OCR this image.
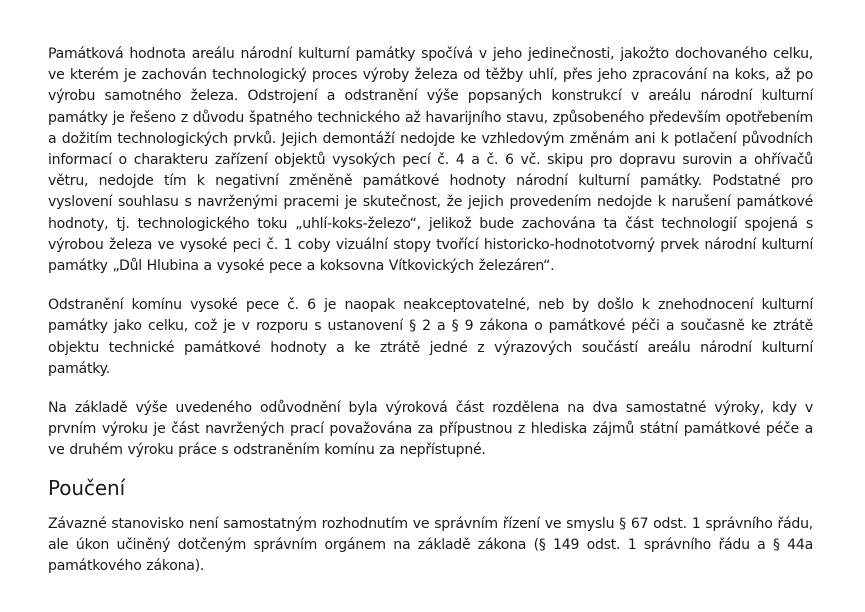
Památková hodnota areálu národní kulturní památky spočívá v jeho jedinečnosti, jakožto dochovaného celku, ve kterém je zachován technologický proces výroby železa od těžby uhlí, přes jeho zpracování na koks, až po výrobu samotného železa. Odstrojení a odstranění výše popsaných konstrukcí v areálu národní kulturní památky je řešeno z důvodu špatného technického až havarijního stavu, způsobeného především opotřebením a dožitím technologických prvků. Jejich demontáží nedojde ke vzhledovým změnám ani k potlačení původních informací o charakteru zařízení objektů vysokých pecí č. 4 a č. 6 vč. skipu pro dopravu surovin a ohřívačů větru, nedojde tím k negativní změněně památkové hodnoty národní kulturní památky. Podstatné pro vyslovení souhlasu s navrženými pracemi je skutečnost, že jejich provedením nedojde k narušení památkové hodnoty, tj. technologického toku „uhlí-koks-železo“, jelikož bude zachována ta část technologií spojená s výrobou železa ve vysoké peci č. 1 coby vizuální stopy tvořící historicko-hodnototvorný prvek národní kulturní památky „Důl Hlubina a vysoké pece a koksovna Vítkovických železáren“.

Odstranění komínu vysoké pece č. 6 je naopak neakceptovatelné, neb by došlo k znehodnocení kulturní památky jako celku, což je v rozporu s ustanovení § 2 a § 9 zákona o památkové péči a současně ke ztrátě objektu technické památkové hodnoty a ke ztrátě jedné z výrazových součástí areálu národní kulturní památky.

Na základě výše uvedeného odůvodnění byla výroková část rozdělena na dva samostatné výroky, kdy v prvním výroku je část navržených prací považována za přípustnou z hlediska zájmů státní památkové péče a ve druhém výroku práce s odstraněním komínu za nepřístupné.

Poučení

Závazné stanovisko není samostatným rozhodnutím ve správním řízení ve smyslu § 67 odst. 1 správního řádu, ale úkon učiněný dotčeným správním orgánem na základě zákona (§ 149 odst. 1 správního řádu a § 44a památkového zákona).
